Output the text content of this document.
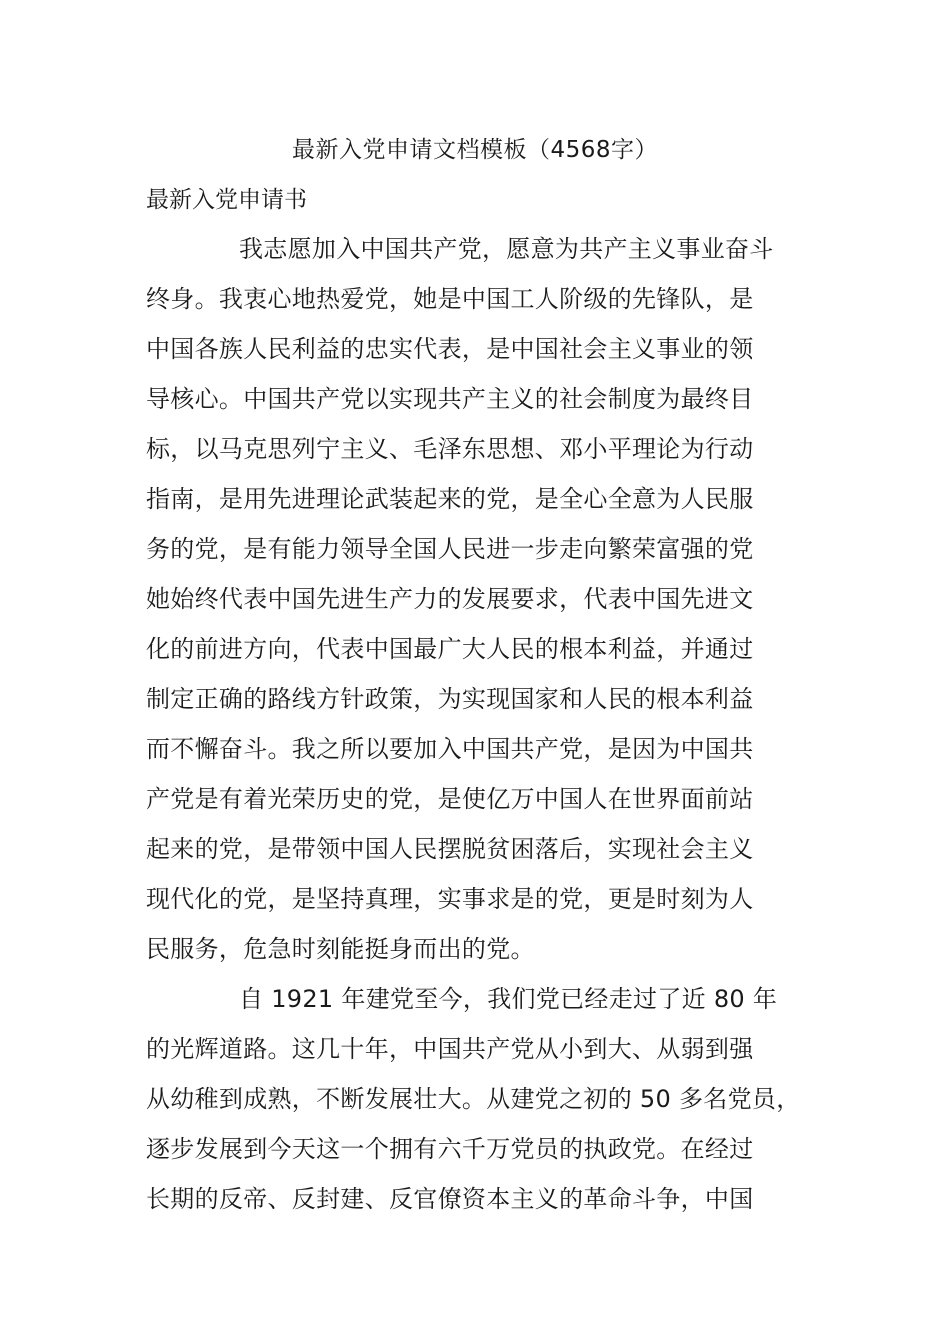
最新入党申请文档模板（4568字）
最新入党申请书
我志愿加入中国共产党，愿意为共产主义事业奋斗
终身。我衷心地热爱党，她是中国工人阶级的先锋队，是
中国各族人民利益的忠实代表，是中国社会主义事业的领
导核心。中国共产党以实现共产主义的社会制度为最终目
标，以马克思列宁主义、毛泽东思想、邓小平理论为行动
指南，是用先进理论武装起来的党，是全心全意为人民服
务的党，是有能力领导全国人民进一步走向繁荣富强的党
她始终代表中国先进生产力的发展要求，代表中国先进文
化的前进方向，代表中国最广大人民的根本利益，并通过
制定正确的路线方针政策，为实现国家和人民的根本利益
而不懈奋斗。我之所以要加入中国共产党，是因为中国共
产党是有着光荣历史的党，是使亿万中国人在世界面前站
起来的党，是带领中国人民摆脱贫困落后，实现社会主义
现代化的党，是坚持真理，实事求是的党，更是时刻为人
民服务，危急时刻能挺身而出的党。
自 1921 年建党至今，我们党已经走过了近 80 年
的光辉道路。这几十年，中国共产党从小到大、从弱到强
从幼稚到成熟，不断发展壮大。从建党之初的 50 多名党员，
逐步发展到今天这一个拥有六千万党员的执政党。在经过
长期的反帝、反封建、反官僚资本主义的革命斗争，中国
